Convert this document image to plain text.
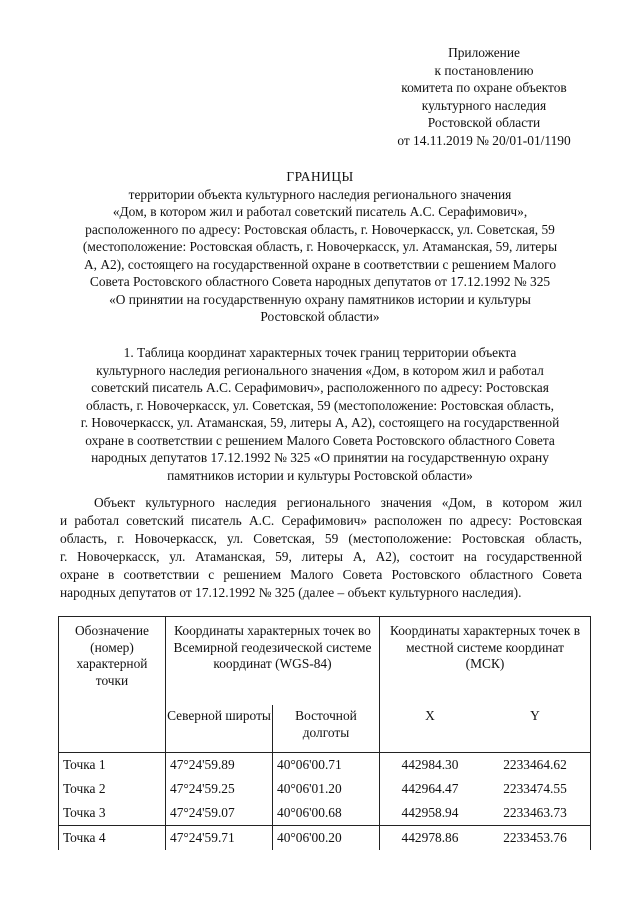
Приложение
к постановлению
комитета по охране объектов
культурного наследия
Ростовской области
от 14.11.2019 № 20/01-01/1190
ГРАНИЦЫ
территории объекта культурного наследия регионального значения
«Дом, в котором жил и работал советский писатель А.С. Серафимович»,
расположенного по адресу: Ростовская область, г. Новочеркасск, ул. Советская, 59
(местоположение: Ростовская область, г. Новочеркасск, ул. Атаманская, 59, литеры
А, А2), состоящего на государственной охране в соответствии с решением Малого
Совета Ростовского областного Совета народных депутатов от 17.12.1992 № 325
«О принятии на государственную охрану памятников истории и культуры
Ростовской области»
1. Таблица координат характерных точек границ территории объекта
культурного наследия регионального значения «Дом, в котором жил и работал
советский писатель А.С. Серафимович», расположенного по адресу: Ростовская
область, г. Новочеркасск, ул. Советская, 59 (местоположение: Ростовская область,
г. Новочеркасск, ул. Атаманская, 59, литеры А, А2), состоящего на государственной
охране в соответствии с решением Малого Совета Ростовского областного Совета
народных депутатов 17.12.1992 № 325 «О принятии на государственную охрану
памятников истории и культуры Ростовской области»
Объект культурного наследия регионального значения «Дом, в котором жил
и работал советский писатель А.С. Серафимович» расположен по адресу: Ростовская
область, г. Новочеркасск, ул. Советская, 59 (местоположение: Ростовская область,
г. Новочеркасск, ул. Атаманская, 59, литеры А, А2), состоит на государственной
охране в соответствии с решением Малого Совета Ростовского областного Совета
народных депутатов от 17.12.1992 № 325 (далее – объект культурного наследия).
Обозначение (номер) характерной точки	Координаты характерных точек во Всемирной геодезической системе координат (WGS-84)		Координаты характерных точек в местной системе координат (МСК)	
	Северной широты	Восточной долготы	X	Y
Точка 1	47°24'59.89	40°06'00.71	442984.30	2233464.62
Точка 2	47°24'59.25	40°06'01.20	442964.47	2233474.55
Точка 3	47°24'59.07	40°06'00.68	442958.94	2233463.73
Точка 4	47°24'59.71	40°06'00.20	442978.86	2233453.76
